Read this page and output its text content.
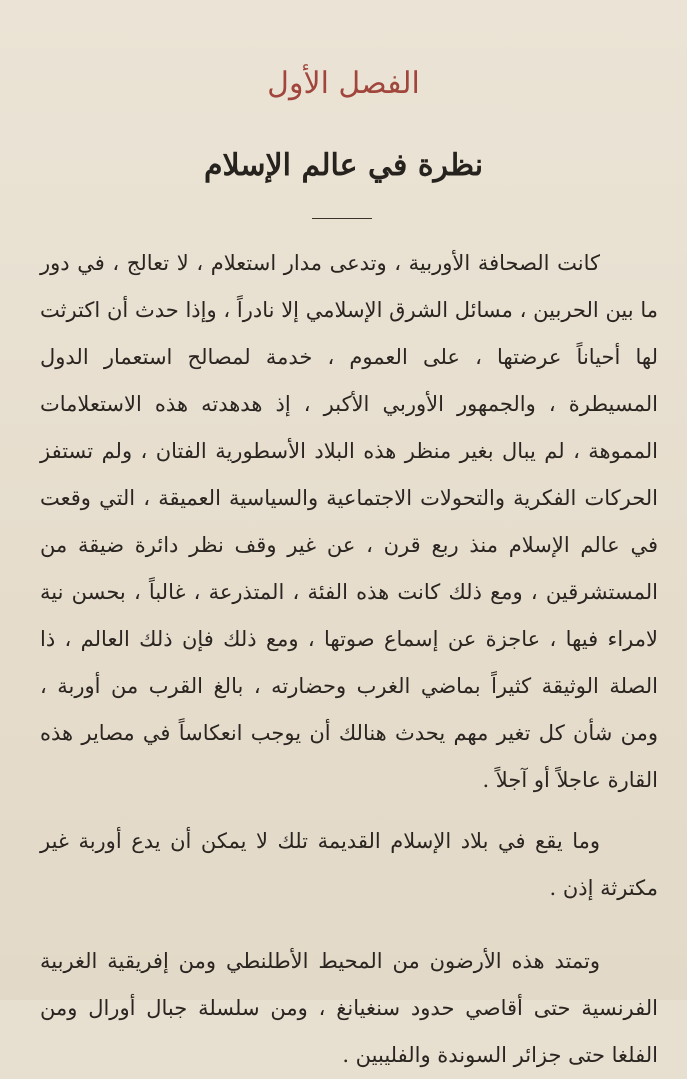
الفصل الأول
نظرة في عالم الإسلام

كانت الصحافة الأوربية ، وتدعى مدار استعلام ، لا تعالج ، في دور ما بين الحربين ، مسائل الشرق الإسلامي إلا نادراً ، وإذا حدث أن اكترثت لها أحياناً عرضتها ، على العموم ، خدمة لمصالح استعمار الدول المسيطرة ، والجمهور الأوربي الأكبر ، إذ هدهدته هذه الاستعلامات المموهة ، لم يبال بغير منظر هذه البلاد الأسطورية الفتان ، ولم تستفز الحركات الفكرية والتحولات الاجتماعية والسياسية العميقة ، التي وقعت في عالم الإسلام منذ ربع قرن ، عن غير وقف نظر دائرة ضيقة من المستشرقين ، ومع ذلك كانت هذه الفئة ، المتذرعة ، غالباً ، بحسن نية لامراء فيها ، عاجزة عن إسماع صوتها ، ومع ذلك فإن ذلك العالم ، ذا الصلة الوثيقة كثيراً بماضي الغرب وحضارته ، بالغ القرب من أوربة ، ومن شأن كل تغير مهم يحدث هنالك أن يوجب انعكاساً في مصاير هذه القارة عاجلاً أو آجلاً .

وما يقع في بلاد الإسلام القديمة تلك لا يمكن أن يدع أوربة غير مكترثة إذن .

وتمتد هذه الأرضون من المحيط الأطلنطي ومن إفريقية الغربية الفرنسية حتى أقاصي حدود سنغيانغ ، ومن سلسلة جبال أورال ومن الفلغا حتى جزائر السوندة والفليبين .
